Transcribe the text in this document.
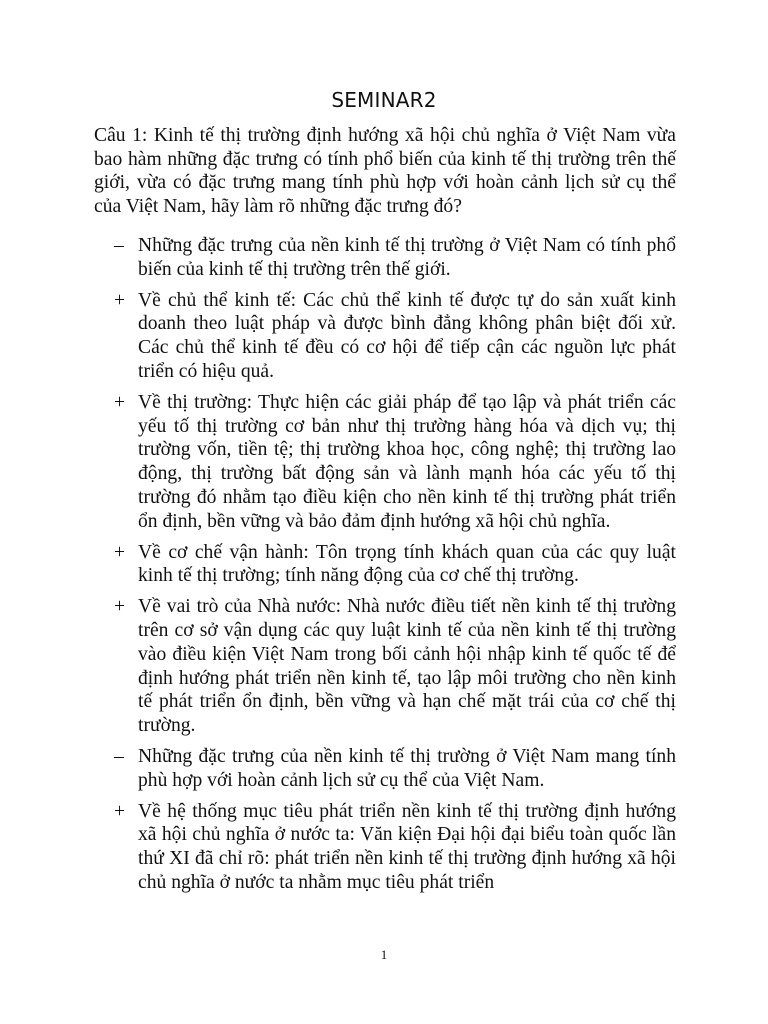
SEMINAR2
Câu 1: Kinh tế thị trường định hướng xã hội chủ nghĩa ở Việt Nam vừa bao hàm những đặc trưng có tính phổ biến của kinh tế thị trường trên thế giới, vừa có đặc trưng mang tính phù hợp với hoàn cảnh lịch sử cụ thể của Việt Nam, hãy làm rõ những đặc trưng đó?
– Những đặc trưng của nền kinh tế thị trường ở Việt Nam có tính phổ biến của kinh tế thị trường trên thế giới.
+ Về chủ thể kinh tế: Các chủ thể kinh tế được tự do sản xuất kinh doanh theo luật pháp và được bình đẳng không phân biệt đối xử. Các chủ thể kinh tế đều có cơ hội để tiếp cận các nguồn lực phát triển có hiệu quả.
+ Về thị trường: Thực hiện các giải pháp để tạo lập và phát triển các yếu tố thị trường cơ bản như thị trường hàng hóa và dịch vụ; thị trường vốn, tiền tệ; thị trường khoa học, công nghệ; thị trường lao động, thị trường bất động sản và lành mạnh hóa các yếu tố thị trường đó nhằm tạo điều kiện cho nền kinh tế thị trường phát triển ổn định, bền vững và bảo đảm định hướng xã hội chủ nghĩa.
+ Về cơ chế vận hành: Tôn trọng tính khách quan của các quy luật kinh tế thị trường; tính năng động của cơ chế thị trường.
+ Về vai trò của Nhà nước: Nhà nước điều tiết nền kinh tế thị trường trên cơ sở vận dụng các quy luật kinh tế của nền kinh tế thị trường vào điều kiện Việt Nam trong bối cảnh hội nhập kinh tế quốc tế để định hướng phát triển nền kinh tế, tạo lập môi trường cho nền kinh tế phát triển ổn định, bền vững và hạn chế mặt trái của cơ chế thị trường.
– Những đặc trưng của nền kinh tế thị trường ở Việt Nam mang tính phù hợp với hoàn cảnh lịch sử cụ thể của Việt Nam.
+ Về hệ thống mục tiêu phát triển nền kinh tế thị trường định hướng xã hội chủ nghĩa ở nước ta: Văn kiện Đại hội đại biểu toàn quốc lần thứ XI đã chỉ rõ: phát triển nền kinh tế thị trường định hướng xã hội chủ nghĩa ở nước ta nhằm mục tiêu phát triển
1
